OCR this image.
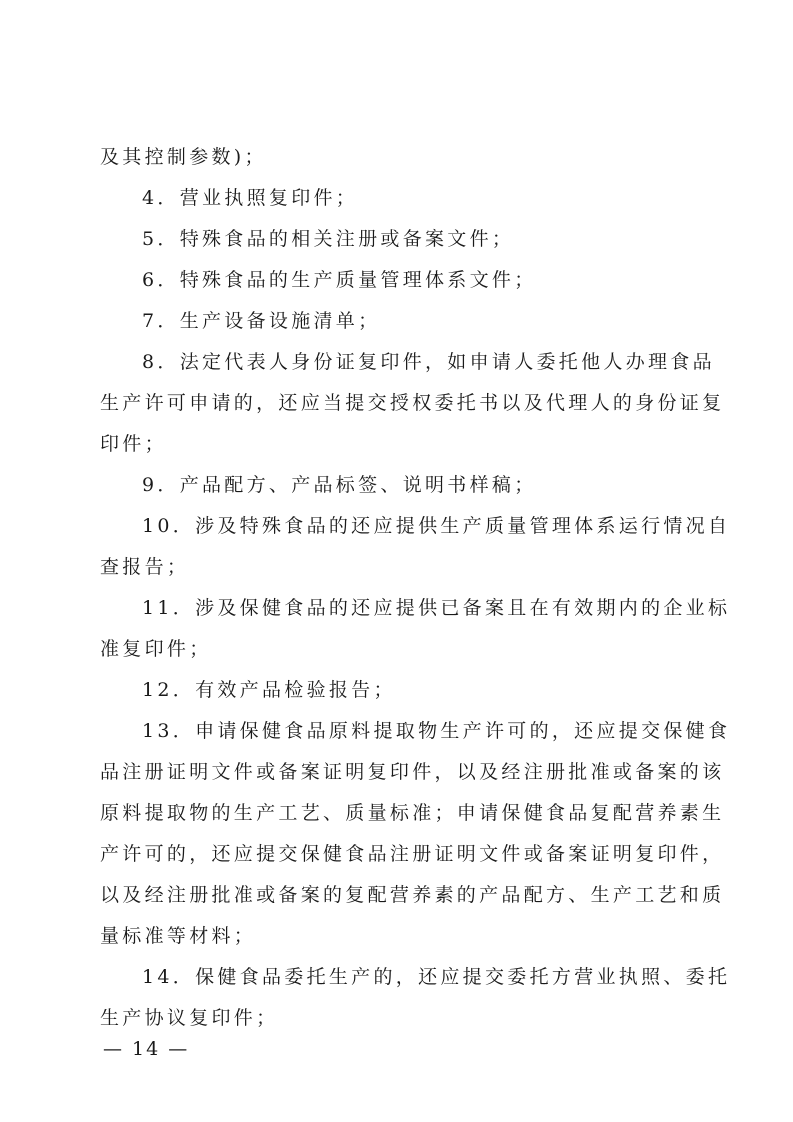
及其控制参数)；
4．营业执照复印件；
5．特殊食品的相关注册或备案文件；
6．特殊食品的生产质量管理体系文件；
7．生产设备设施清单；
8．法定代表人身份证复印件，如申请人委托他人办理食品
生产许可申请的，还应当提交授权委托书以及代理人的身份证复
印件；
9．产品配方、产品标签、说明书样稿；
10．涉及特殊食品的还应提供生产质量管理体系运行情况自
查报告；
11．涉及保健食品的还应提供已备案且在有效期内的企业标
准复印件；
12．有效产品检验报告；
13．申请保健食品原料提取物生产许可的，还应提交保健食
品注册证明文件或备案证明复印件，以及经注册批准或备案的该
原料提取物的生产工艺、质量标准；申请保健食品复配营养素生
产许可的，还应提交保健食品注册证明文件或备案证明复印件，
以及经注册批准或备案的复配营养素的产品配方、生产工艺和质
量标准等材料；
14．保健食品委托生产的，还应提交委托方营业执照、委托
生产协议复印件；
— 14 —
